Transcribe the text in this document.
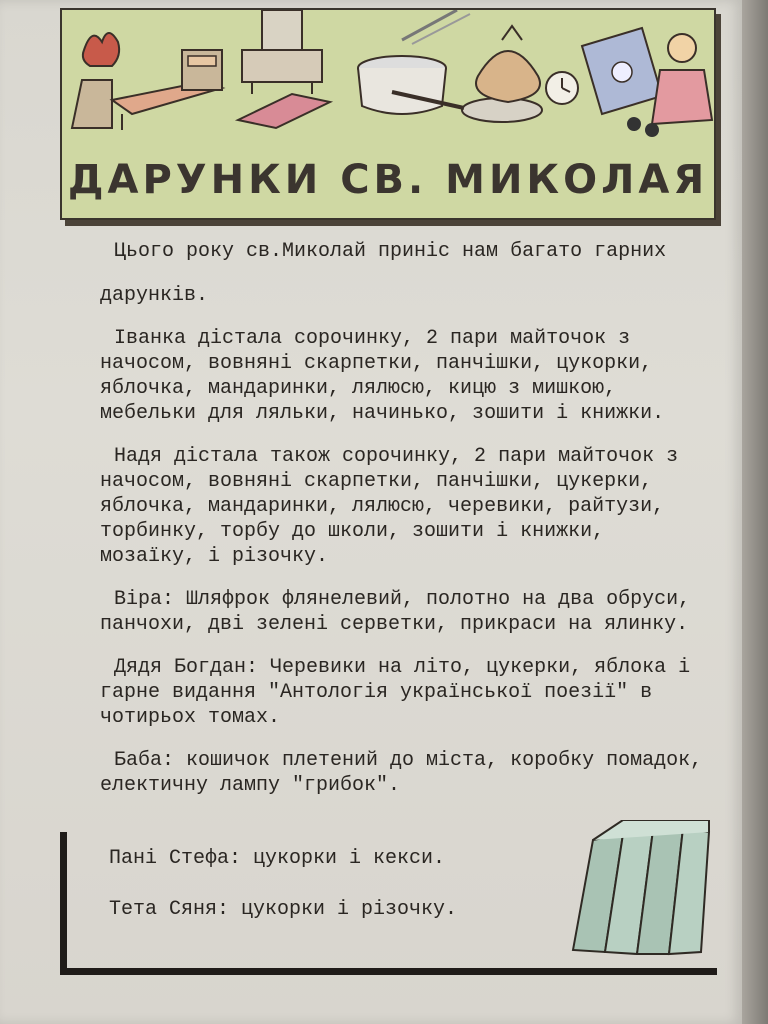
ДАРУНКИ СВ. МИКОЛАЯ

Цього року св.Миколай приніс нам багато гарних дарунків.

Іванка дістала сорочинку, 2 пари майточок з начосом, вовняні скарпетки, панчішки, цукорки, яблочка, мандаринки, лялюсю, кицю з мишкою, мебельки для ляльки, начинько, зошити і книжки.

Надя дістала також сорочинку, 2 пари майточок з начосом, вовняні скарпетки, панчішки, цукерки, яблочка, мандаринки, лялюсю, черевики, райтузи, торбинку, торбу до школи, зошити і книжки, мозаїку, і різочку.

Віра: Шляфрок флянелевий, полотно на два обруси, панчохи, дві зелені серветки, прикраси на ялинку.

Дядя Богдан: Черевики на літо, цукерки, яблока і гарне видання "Антологія української поезії" в чотирьох томах.

Баба: кошичок плетений до міста, коробку помадок, електичну лампу "грибок".

Пані Стефа: цукорки і кекси.
Тета Сяня: цукорки і різочку.
